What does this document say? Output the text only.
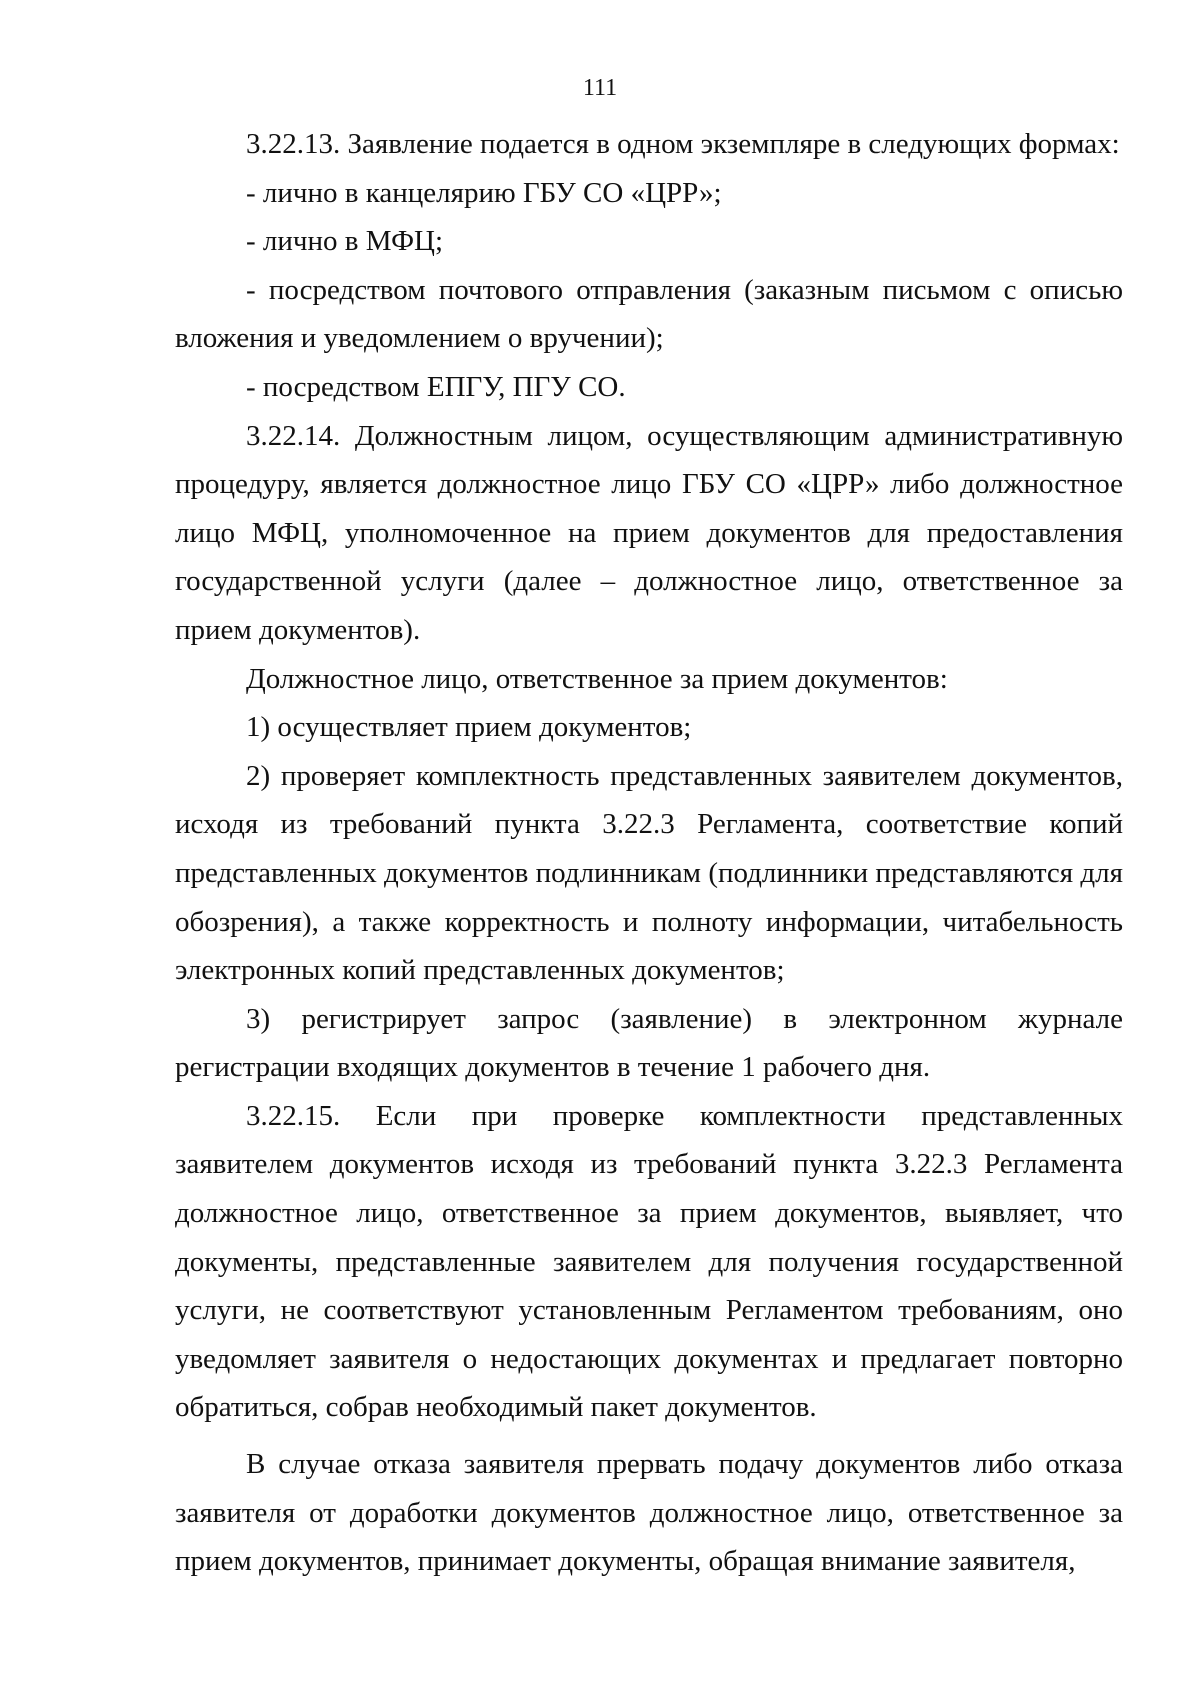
111

3.22.13. Заявление подается в одном экземпляре в следующих формах:

- лично в канцелярию ГБУ СО «ЦРР»;

- лично в МФЦ;

- посредством почтового отправления (заказным письмом с описью вложения и уведомлением о вручении);

- посредством ЕПГУ, ПГУ СО.

3.22.14. Должностным лицом, осуществляющим административную процедуру, является должностное лицо ГБУ СО «ЦРР» либо должностное лицо МФЦ, уполномоченное на прием документов для предоставления государственной услуги (далее – должностное лицо, ответственное за прием документов).

Должностное лицо, ответственное за прием документов:

1) осуществляет прием документов;

2) проверяет комплектность представленных заявителем документов, исходя из требований пункта 3.22.3 Регламента, соответствие копий представленных документов подлинникам (подлинники представляются для обозрения), а также корректность и полноту информации, читабельность электронных копий представленных документов;

3) регистрирует запрос (заявление) в электронном журнале регистрации входящих документов в течение 1 рабочего дня.

3.22.15. Если при проверке комплектности представленных заявителем документов исходя из требований пункта 3.22.3 Регламента должностное лицо, ответственное за прием документов, выявляет, что документы, представленные заявителем для получения государственной услуги, не соответствуют установленным Регламентом требованиям, оно уведомляет заявителя о недостающих документах и предлагает повторно обратиться, собрав необходимый пакет документов.

В случае отказа заявителя прервать подачу документов либо отказа заявителя от доработки документов должностное лицо, ответственное за прием документов, принимает документы, обращая внимание заявителя,
